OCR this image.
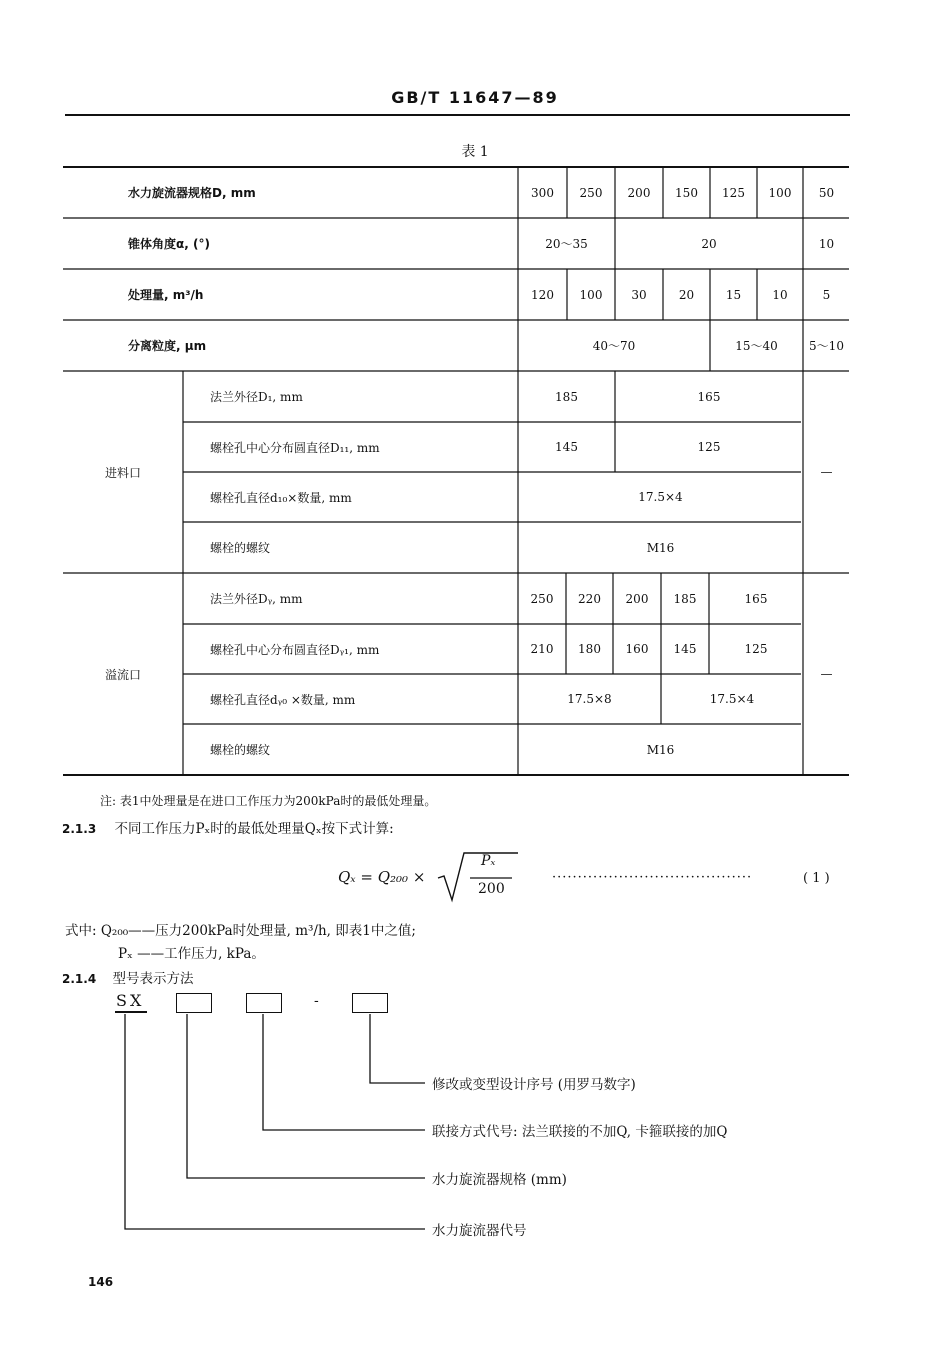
GB/T 11647—89
表 1
水力旋流器规格D, mm	300	250	200	150	125	100	50
锥体角度α, (°)	20～35	20	10
处理量, m³/h	120	100	30	20	15	10	5
分离粒度, μm	40～70	15～40	5～10
进料口
法兰外径D₁, mm	185	165
螺栓孔中心分布圆直径D₁₁, mm	145	125
螺栓孔直径d₁₀×数量, mm	17.5×4
螺栓的螺纹	M16
—
溢流口
法兰外径Dᵧ, mm	250	220	200	185	165
螺栓孔中心分布圆直径Dᵧ₁, mm	210	180	160	145	125
螺栓孔直径dᵧ₀ ×数量, mm	17.5×8	17.5×4
螺栓的螺纹	M16
—
注: 表1中处理量是在进口工作压力为200kPa时的最低处理量。
2.1.3 不同工作压力Pₓ时的最低处理量Qₓ按下式计算:
Qₓ = Q₂₀₀ ×
Pₓ
200
·······································	( 1 )
式中: Q₂₀₀——压力200kPa时处理量, m³/h, 即表1中之值;
Pₓ ——工作压力, kPa。
2.1.4 型号表示方法
SX	-
修改或变型设计序号 (用罗马数字)
联接方式代号: 法兰联接的不加Q, 卡箍联接的加Q
水力旋流器规格 (mm)
水力旋流器代号
146
